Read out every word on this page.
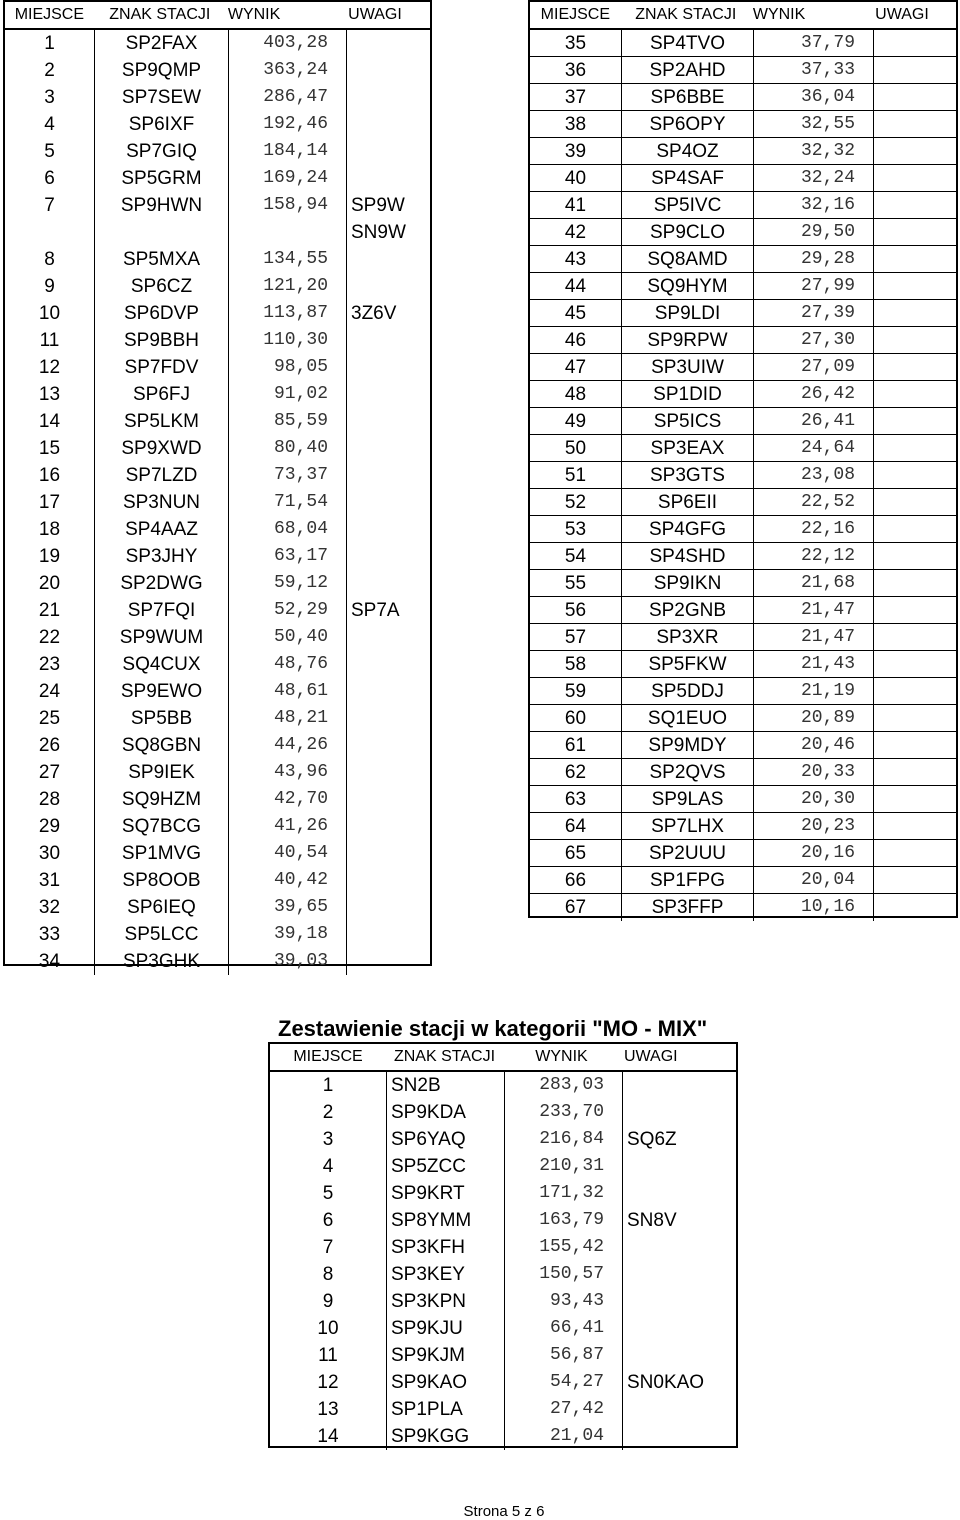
MIEJSCE	ZNAK STACJI	WYNIK	UWAGI
1	SP2FAX	403,28
2	SP9QMP	363,24
3	SP7SEW	286,47
4	SP6IXF	192,46
5	SP7GIQ	184,14
6	SP5GRM	169,24
7	SP9HWN	158,94	SP9W
SN9W
8	SP5MXA	134,55
9	SP6CZ	121,20
10	SP6DVP	113,87	3Z6V
11	SP9BBH	110,30
12	SP7FDV	98,05
13	SP6FJ	91,02
14	SP5LKM	85,59
15	SP9XWD	80,40
16	SP7LZD	73,37
17	SP3NUN	71,54
18	SP4AAZ	68,04
19	SP3JHY	63,17
20	SP2DWG	59,12
21	SP7FQI	52,29	SP7A
22	SP9WUM	50,40
23	SQ4CUX	48,76
24	SP9EWO	48,61
25	SP5BB	48,21
26	SQ8GBN	44,26
27	SP9IEK	43,96
28	SQ9HZM	42,70
29	SQ7BCG	41,26
30	SP1MVG	40,54
31	SP8OOB	40,42
32	SP6IEQ	39,65
33	SP5LCC	39,18
34	SP3GHK	39,03
MIEJSCE	ZNAK STACJI	WYNIK	UWAGI
35	SP4TVO	37,79
36	SP2AHD	37,33
37	SP6BBE	36,04
38	SP6OPY	32,55
39	SP4OZ	32,32
40	SP4SAF	32,24
41	SP5IVC	32,16
42	SP9CLO	29,50
43	SQ8AMD	29,28
44	SQ9HYM	27,99
45	SP9LDI	27,39
46	SP9RPW	27,30
47	SP3UIW	27,09
48	SP1DID	26,42
49	SP5ICS	26,41
50	SP3EAX	24,64
51	SP3GTS	23,08
52	SP6EII	22,52
53	SP4GFG	22,16
54	SP4SHD	22,12
55	SP9IKN	21,68
56	SP2GNB	21,47
57	SP3XR	21,47
58	SP5FKW	21,43
59	SP5DDJ	21,19
60	SQ1EUO	20,89
61	SP9MDY	20,46
62	SP2QVS	20,33
63	SP9LAS	20,30
64	SP7LHX	20,23
65	SP2UUU	20,16
66	SP1FPG	20,04
67	SP3FFP	10,16
Zestawienie stacji w kategorii "MO - MIX"
MIEJSCE	ZNAK STACJI	WYNIK	UWAGI
1	SN2B	283,03
2	SP9KDA	233,70
3	SP6YAQ	216,84	SQ6Z
4	SP5ZCC	210,31
5	SP9KRT	171,32
6	SP8YMM	163,79	SN8V
7	SP3KFH	155,42
8	SP3KEY	150,57
9	SP3KPN	93,43
10	SP9KJU	66,41
11	SP9KJM	56,87
12	SP9KAO	54,27	SN0KAO
13	SP1PLA	27,42
14	SP9KGG	21,04
Strona 5 z 6
